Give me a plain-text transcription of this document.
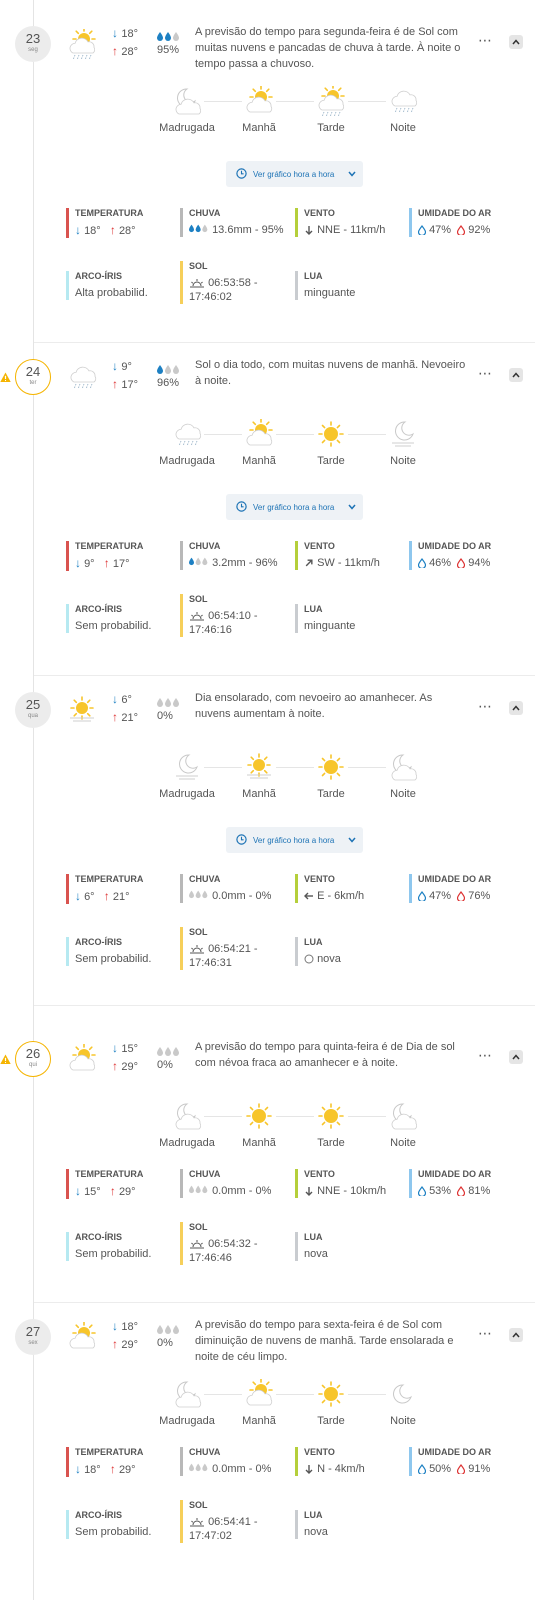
23
seg
↓ 18°
↑ 28° 95%
A previsão do tempo para segunda-feira é de Sol com muitas nuvens e pancadas de chuva à tarde. À noite o tempo passa a chuvoso.
⋯
Madrugada	Manhã	Tarde	Noite
Ver gráfico hora a hora
TEMPERATURA
↓ 18° ↑ 28°
CHUVA
13.6mm - 95%
VENTO
NNE - 11km/h
UMIDADE DO AR
47% 92%
ARCO-ÍRIS
Alta probabilid.
SOL
06:53:58 -
17:46:02
LUA
minguante
24
ter
↓ 9°
↑ 17° 96%
Sol o dia todo, com muitas nuvens de manhã. Nevoeiro à noite.	⋯
Madrugada	Manhã	Tarde	Noite
Ver gráfico hora a hora
TEMPERATURA
↓ 9° ↑ 17°
CHUVA
3.2mm - 96%
VENTO
SW - 11km/h
UMIDADE DO AR
46% 94%
ARCO-ÍRIS
Sem probabilid.
SOL
06:54:10 -
17:46:16
LUA
minguante
25
qua
↓ 6°
↑ 21° 0%
Dia ensolarado, com nevoeiro ao amanhecer. As nuvens aumentam à noite.	⋯
Madrugada	Manhã	Tarde	Noite
Ver gráfico hora a hora
TEMPERATURA
↓ 6° ↑ 21°
CHUVA
0.0mm - 0%
VENTO
E - 6km/h
UMIDADE DO AR
47% 76%
ARCO-ÍRIS
Sem probabilid.
SOL
06:54:21 -
17:46:31
LUA
nova
26
qui
↓ 15°
↑ 29° 0%
A previsão do tempo para quinta-feira é de Dia de sol com névoa fraca ao amanhecer e à noite.	⋯
Madrugada	Manhã	Tarde	Noite
TEMPERATURA
↓ 15° ↑ 29°
CHUVA
0.0mm - 0%
VENTO
NNE - 10km/h
UMIDADE DO AR
53% 81%
ARCO-ÍRIS
Sem probabilid.
SOL
06:54:32 -
17:46:46
LUA
nova
27
sex
↓ 18°
↑ 29° 0%
A previsão do tempo para sexta-feira é de Sol com diminuição de nuvens de manhã. Tarde ensolarada e noite de céu limpo.
⋯
Madrugada	Manhã	Tarde	Noite
TEMPERATURA
↓ 18° ↑ 29°
CHUVA
0.0mm - 0%
VENTO
N - 4km/h
UMIDADE DO AR
50% 91%
ARCO-ÍRIS
Sem probabilid.
SOL
06:54:41 -
17:47:02
LUA
nova
